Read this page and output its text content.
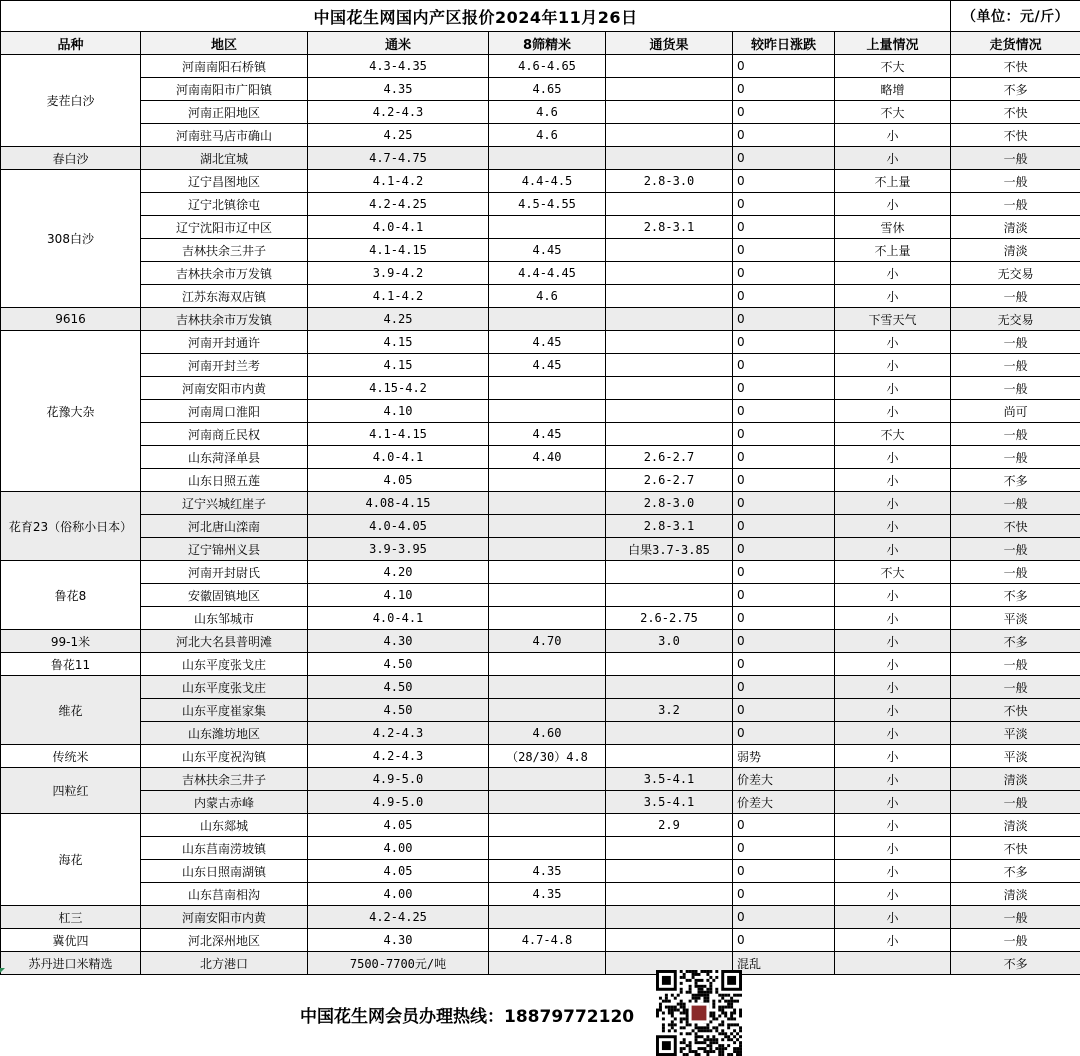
中国花生网国内产区报价2024年11月26日							（单位：元/斤）
品种	地区	通米	8筛精米	通货果	较昨日涨跌	上量情况	走货情况
麦茬白沙	河南南阳石桥镇	4.3-4.35	4.6-4.65		0	不大	不快
	河南南阳市广阳镇	4.35	4.65		0	略增	不多
	河南正阳地区	4.2-4.3	4.6		0	不大	不快
	河南驻马店市确山	4.25	4.6		0	小	不快
春白沙	湖北宜城	4.7-4.75			0	小	一般
308白沙	辽宁昌图地区	4.1-4.2	4.4-4.5	2.8-3.0	0	不上量	一般
	辽宁北镇徐屯	4.2-4.25	4.5-4.55		0	小	一般
	辽宁沈阳市辽中区	4.0-4.1		2.8-3.1	0	雪休	清淡
	吉林扶余三井子	4.1-4.15	4.45		0	不上量	清淡
	吉林扶余市万发镇	3.9-4.2	4.4-4.45		0	小	无交易
	江苏东海双店镇	4.1-4.2	4.6		0	小	一般
9616	吉林扶余市万发镇	4.25			0	下雪天气	无交易
花豫大杂	河南开封通许	4.15	4.45		0	小	一般
	河南开封兰考	4.15	4.45		0	小	一般
	河南安阳市内黄	4.15-4.2			0	小	一般
	河南周口淮阳	4.10			0	小	尚可
	河南商丘民权	4.1-4.15	4.45		0	不大	一般
	山东菏泽单县	4.0-4.1	4.40	2.6-2.7	0	小	一般
	山东日照五莲	4.05		2.6-2.7	0	小	不多
花育23（俗称小日本）	辽宁兴城红崖子	4.08-4.15		2.8-3.0	0	小	一般
	河北唐山滦南	4.0-4.05		2.8-3.1	0	小	不快
	辽宁锦州义县	3.9-3.95		白果3.7-3.85	0	小	一般
鲁花8	河南开封尉氏	4.20			0	不大	一般
	安徽固镇地区	4.10			0	小	不多
	山东邹城市	4.0-4.1		2.6-2.75	0	小	平淡
99-1米	河北大名县普明滩	4.30	4.70	3.0	0	小	不多
鲁花11	山东平度张戈庄	4.50			0	小	一般
维花	山东平度张戈庄	4.50			0	小	一般
	山东平度崔家集	4.50		3.2	0	小	不快
	山东潍坊地区	4.2-4.3	4.60		0	小	平淡
传统米	山东平度祝沟镇	4.2-4.3	（28/30）4.8		弱势	小	平淡
四粒红	吉林扶余三井子	4.9-5.0		3.5-4.1	价差大	小	清淡
	内蒙古赤峰	4.9-5.0		3.5-4.1	价差大	小	一般
海花	山东郯城	4.05		2.9	0	小	清淡
	山东莒南涝坡镇	4.00			0	小	不快
	山东日照南湖镇	4.05	4.35		0	小	不多
	山东莒南相沟	4.00	4.35		0	小	清淡
杠三	河南安阳市内黄	4.2-4.25			0	小	一般
冀优四	河北深州地区	4.30	4.7-4.8		0	小	一般
苏丹进口米精选	北方港口	7500-7700元/吨			混乱		不多
中国花生网会员办理热线：18879772120
